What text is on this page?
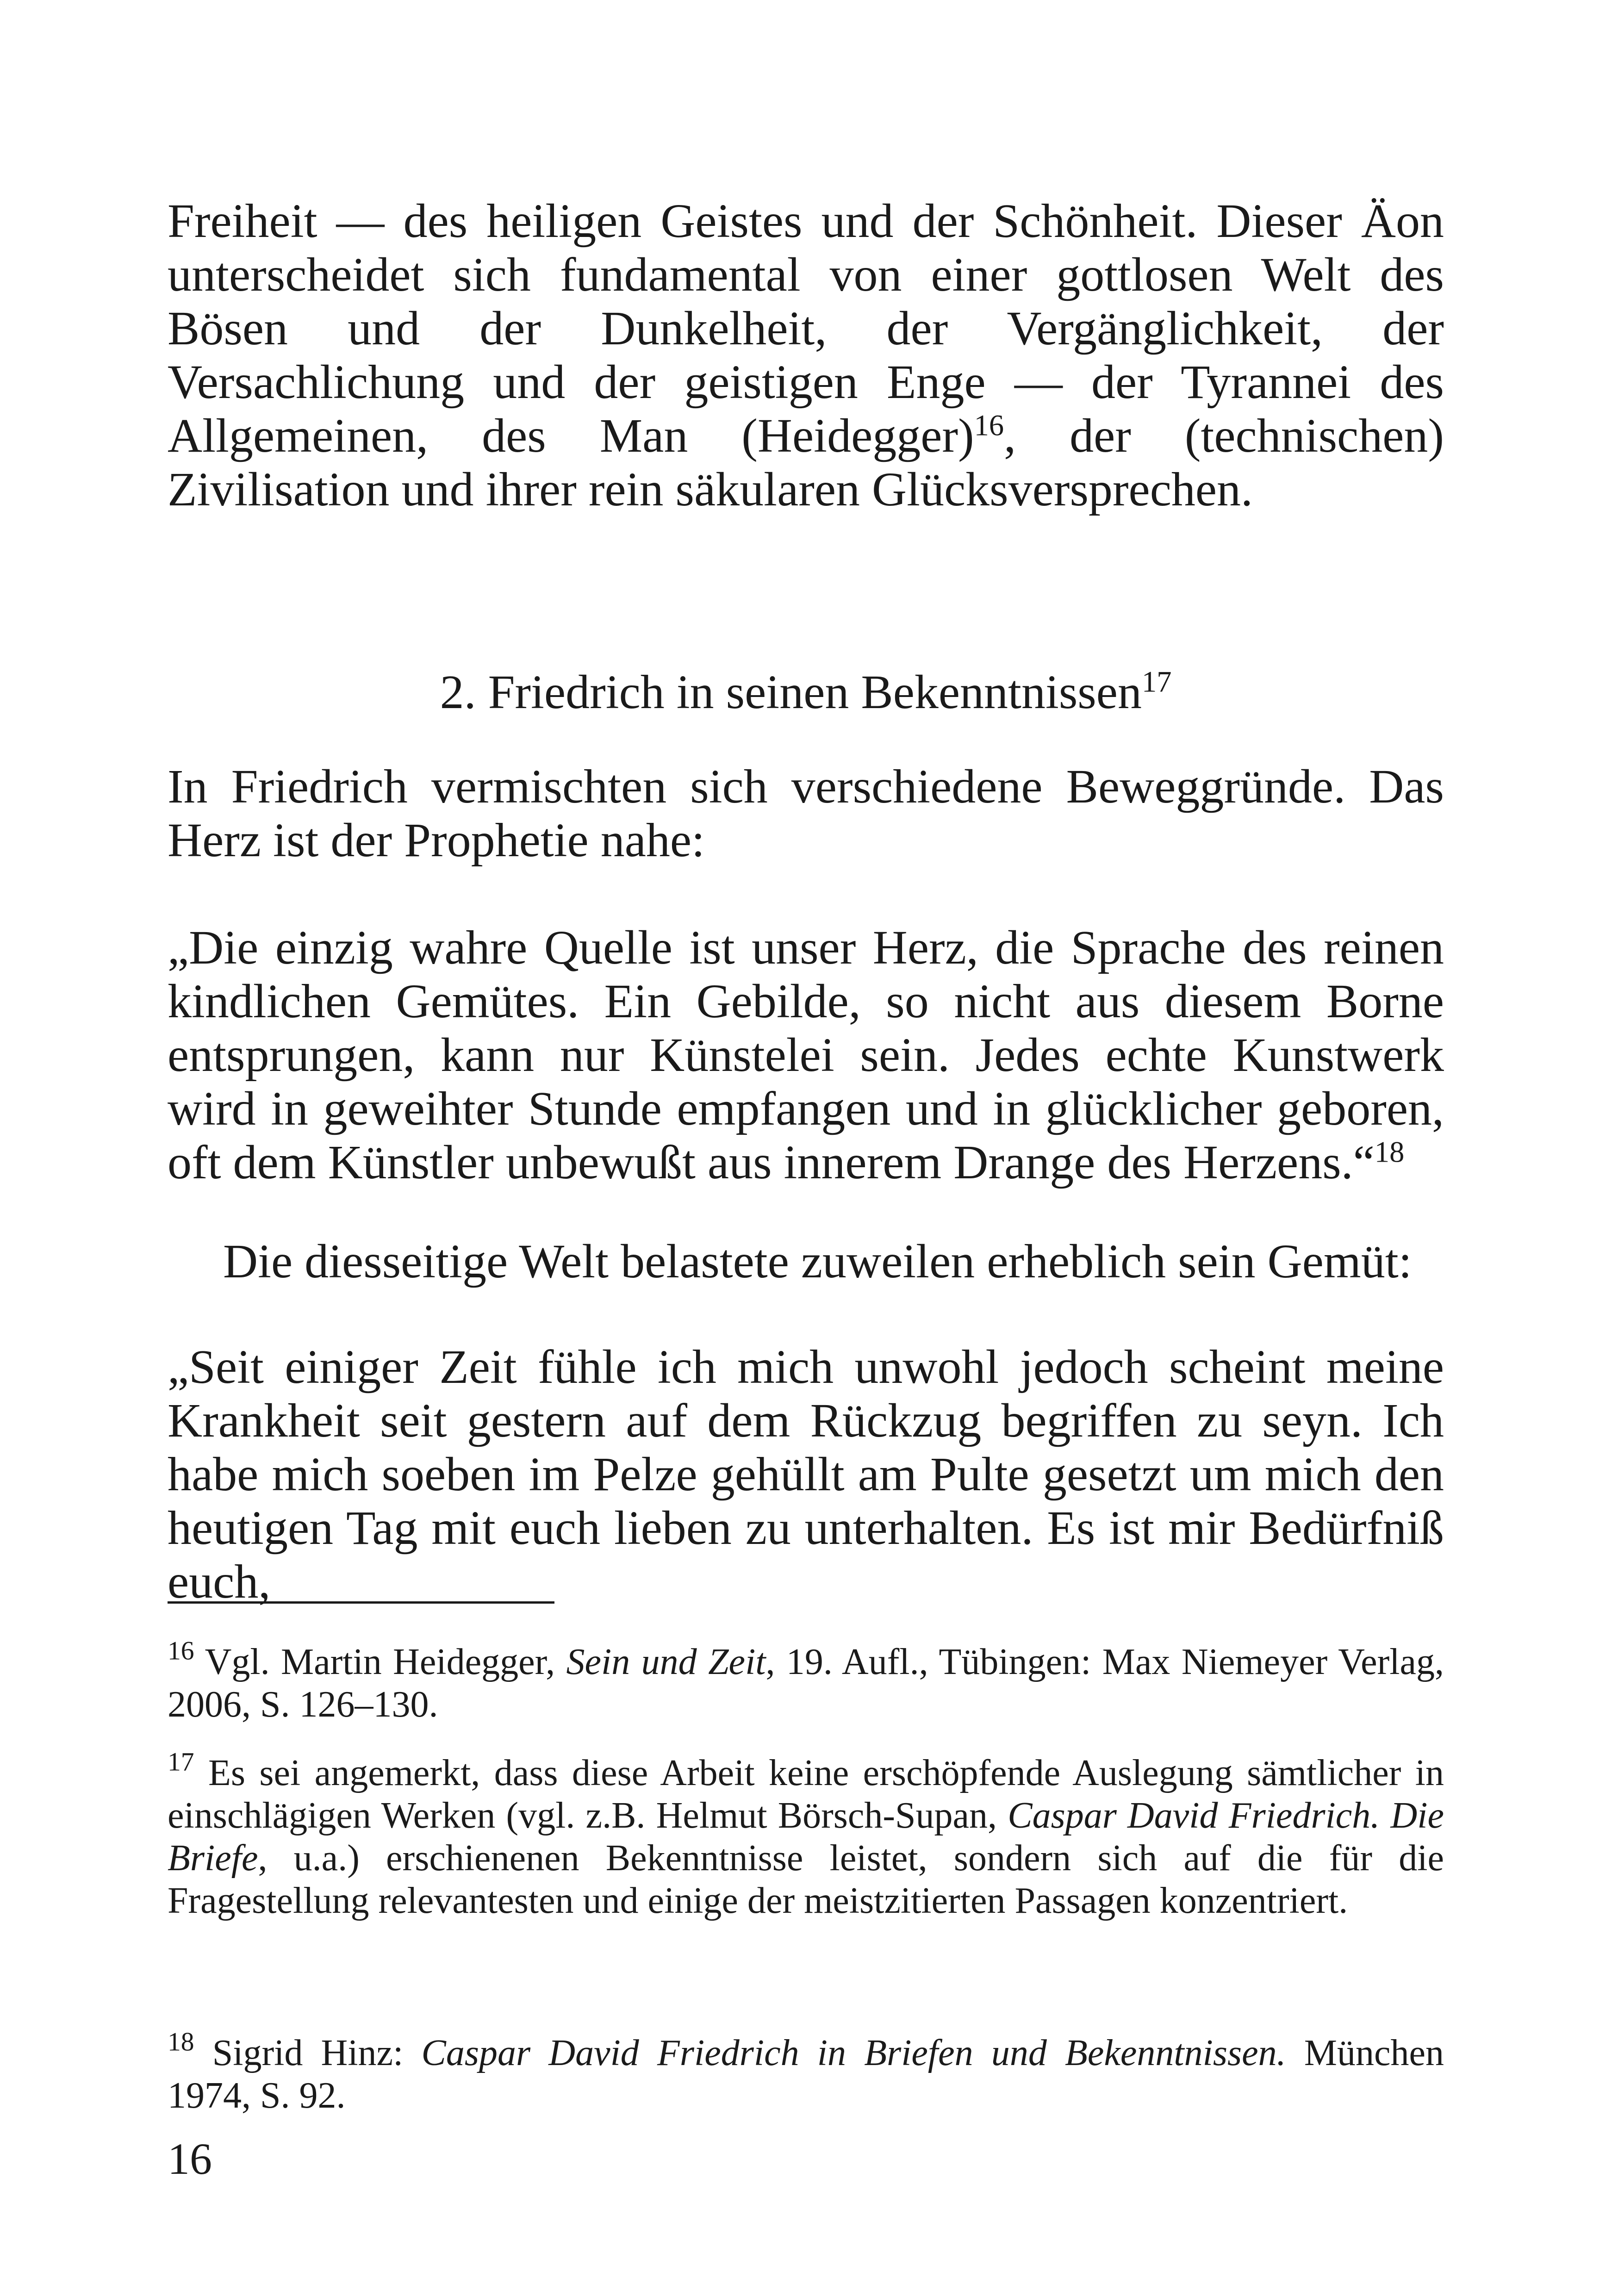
Freiheit — des heiligen Geistes und der Schönheit. Dieser Äon unterscheidet sich fundamental von einer gottlosen Welt des Bösen und der Dunkelheit, der Vergänglichkeit, der Versachlichung und der geistigen Enge — der Tyrannei des Allgemeinen, des Man (Heidegger)$^{16}$, der (technischen) Zivilisation und ihrer rein säkularen Glücksversprechen.

2. Friedrich in seinen Bekenntnissen$^{17}$

In Friedrich vermischten sich verschiedene Beweggründe. Das Herz ist der Prophetie nahe:

„Die einzig wahre Quelle ist unser Herz, die Sprache des reinen kindlichen Gemütes. Ein Gebilde, so nicht aus diesem Borne entsprungen, kann nur Künstelei sein. Jedes echte Kunstwerk wird in geweihter Stunde empfangen und in glücklicher geboren, oft dem Künstler unbewußt aus innerem Drange des Herzens.“$^{18}$

Die diesseitige Welt belastete zuweilen erheblich sein Gemüt:

„Seit einiger Zeit fühle ich mich unwohl jedoch scheint meine Krankheit seit gestern auf dem Rückzug begriffen zu seyn. Ich habe mich soeben im Pelze gehüllt am Pulte gesetzt um mich den heutigen Tag mit euch lieben zu unterhalten. Es ist mir Bedürfniß euch,

$^{16}$ Vgl. Martin Heidegger, Sein und Zeit, 19. Aufl., Tübingen: Max Niemeyer Verlag, 2006, S. 126–130.

$^{17}$ Es sei angemerkt, dass diese Arbeit keine erschöpfende Auslegung sämtlicher in einschlägigen Werken (vgl. z.B. Helmut Börsch-Supan, Caspar David Friedrich. Die Briefe, u.a.) erschienenen Bekenntnisse leistet, sondern sich auf die für die Fragestellung relevantesten und einige der meistzitierten Passagen konzentriert.

$^{18}$ Sigrid Hinz: Caspar David Friedrich in Briefen und Bekenntnissen. München 1974, S. 92.

16
